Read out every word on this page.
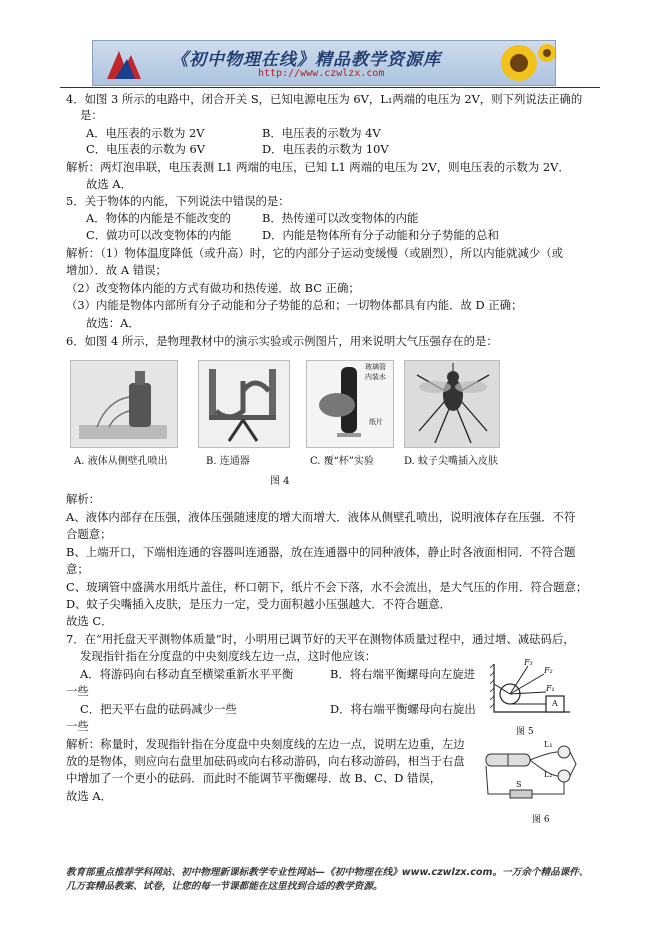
《初中物理在线》精品教学资源库
http://www.czwlzx.com
4．如图 3 所示的电路中，闭合开关 S，已知电源电压为 6V，L₁两端的电压为 2V，则下列说法正确的
是：
A．电压表的示数为 2V	B．电压表的示数为 4V
C．电压表的示数为 6V	D．电压表的示数为 10V
解析：两灯泡串联，电压表测 L1 两端的电压，已知 L1 两端的电压为 2V，则电压表的示数为 2V．
故选 A．
5．关于物体的内能，下列说法中错误的是：
A．物体的内能是不能改变的	B．热传递可以改变物体的内能
C．做功可以改变物体的内能	D．内能是物体所有分子动能和分子势能的总和
解析：（1）物体温度降低（或升高）时，它的内部分子运动变缓慢（或剧烈），所以内能就减少（或
增加）．故 A 错误；
（2）改变物体内能的方式有做功和热传递．故 BC 正确；
（3）内能是物体内部所有分子动能和分子势能的总和；一切物体都具有内能．故 D 正确；
故选：A．
6．如图 4 所示，是物理教材中的演示实验或示例图片，用来说明大气压强存在的是：
玻璃管
内装水
纸片
A. 液体从侧壁孔喷出	B. 连通器	C. 覆“杯”实验	D. 蚊子尖嘴插入皮肤
图 4
解析：
A、液体内部存在压强，液体压强随速度的增大而增大．液体从侧壁孔喷出，说明液体存在压强．不符
合题意；
B、上端开口，下端相连通的容器叫连通器，放在连通器中的同种液体，静止时各液面相同．不符合题
意；
C、玻璃管中盛满水用纸片盖住，杯口朝下，纸片不会下落，水不会流出，是大气压的作用．符合题意；
D、蚊子尖嘴插入皮肤，是压力一定，受力面积越小压强越大．不符合题意．
故选 C．
7．在“用托盘天平测物体质量”时，小明用已调节好的天平在测物体质量过程中，通过增、减砝码后，
发现指针指在分度盘的中央刻度线左边一点，这时他应该：
A．将游码向右移动直至横梁重新水平平衡	B．将右端平衡螺母向左旋进
一些
C．把天平右盘的砝码减少一些	D．将右端平衡螺母向右旋出
一些
解析：称量时，发现指针指在分度盘中央刻度线的左边一点，说明左边重，左边
放的是物体，则应向右盘里加砝码或向右移动游码，向右移动游码，相当于右盘
中增加了一个更小的砝码．而此时不能调节平衡螺母．故 B、C、D 错误，
故选 A．
F₃
F₂
F₁
A
图 5
L₁
L₂
S
图 6
教育部重点推荐学科网站、初中物理新课标教学专业性网站—《初中物理在线》www.czwlzx.com。一万余个精品课件、
几万套精品教案、试卷，让您的每一节课都能在这里找到合适的教学资源。
